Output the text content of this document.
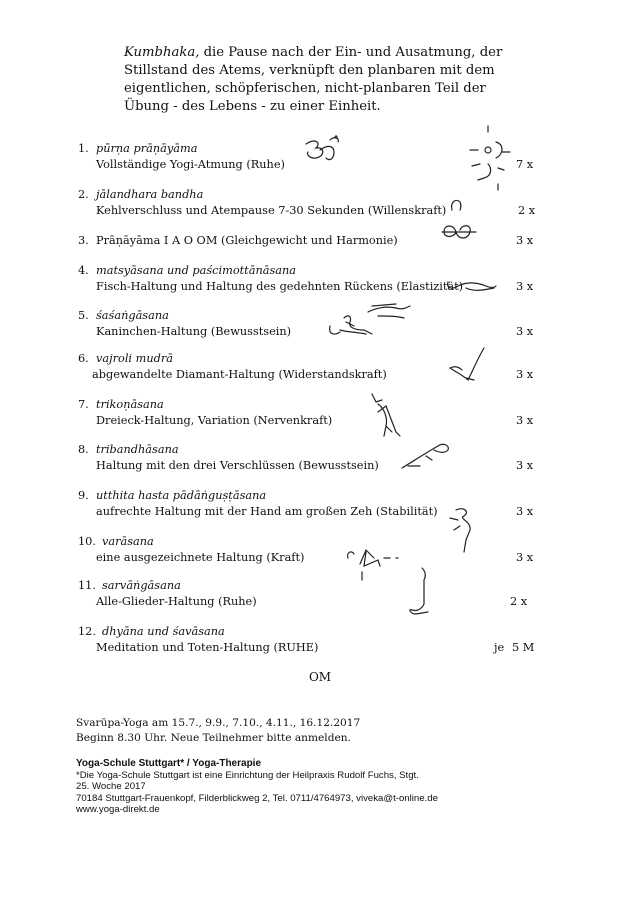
Kumbhaka, die Pause nach der Ein- und Ausatmung, der Stillstand des Atems, verknüpft den planbaren mit dem eigentlichen, schöpferischen, nicht-planbaren Teil der Übung - des Lebens - zu einer Einheit.
1. pūrṇa prāṇāyāma
Vollständige Yogi-Atmung (Ruhe)	7 x
2. jālandhara bandha
Kehlverschluss und Atempause 7-30 Sekunden (Willenskraft)	2 x
3. Prāṇāyāma I A O OM (Gleichgewicht und Harmonie)	3 x
4. matsyāsana und paścimottānāsana
Fisch-Haltung und Haltung des gedehnten Rückens (Elastizität)	3 x
5. śaśaṅgāsana
Kaninchen-Haltung (Bewusstsein)	3 x
6. vajroli mudrā
abgewandelte Diamant-Haltung (Widerstandskraft)	3 x
7. trikoṇāsana
Dreieck-Haltung, Variation (Nervenkraft)	3 x
8. tribandhāsana
Haltung mit den drei Verschlüssen (Bewusstsein)	3 x
9. utthita hasta pādāṅguṣṭāsana
aufrechte Haltung mit der Hand am großen Zeh (Stabilität)	3 x
10. varāsana
eine ausgezeichnete Haltung (Kraft)	3 x
11. sarvāṅgāsana
Alle-Glieder-Haltung (Ruhe)	2 x
12. dhyāna und śavāsana
Meditation und Toten-Haltung (RUHE)	je 5 M
OM
Svarūpa-Yoga am 15.7., 9.9., 7.10., 4.11., 16.12.2017
Beginn 8.30 Uhr. Neue Teilnehmer bitte anmelden.
Yoga-Schule Stuttgart* / Yoga-Therapie
*Die Yoga-Schule Stuttgart ist eine Einrichtung der Heilpraxis Rudolf Fuchs, Stgt.
25. Woche 2017
70184 Stuttgart-Frauenkopf, Filderblickweg 2, Tel. 0711/4764973, viveka@t-online.de
www.yoga-direkt.de
